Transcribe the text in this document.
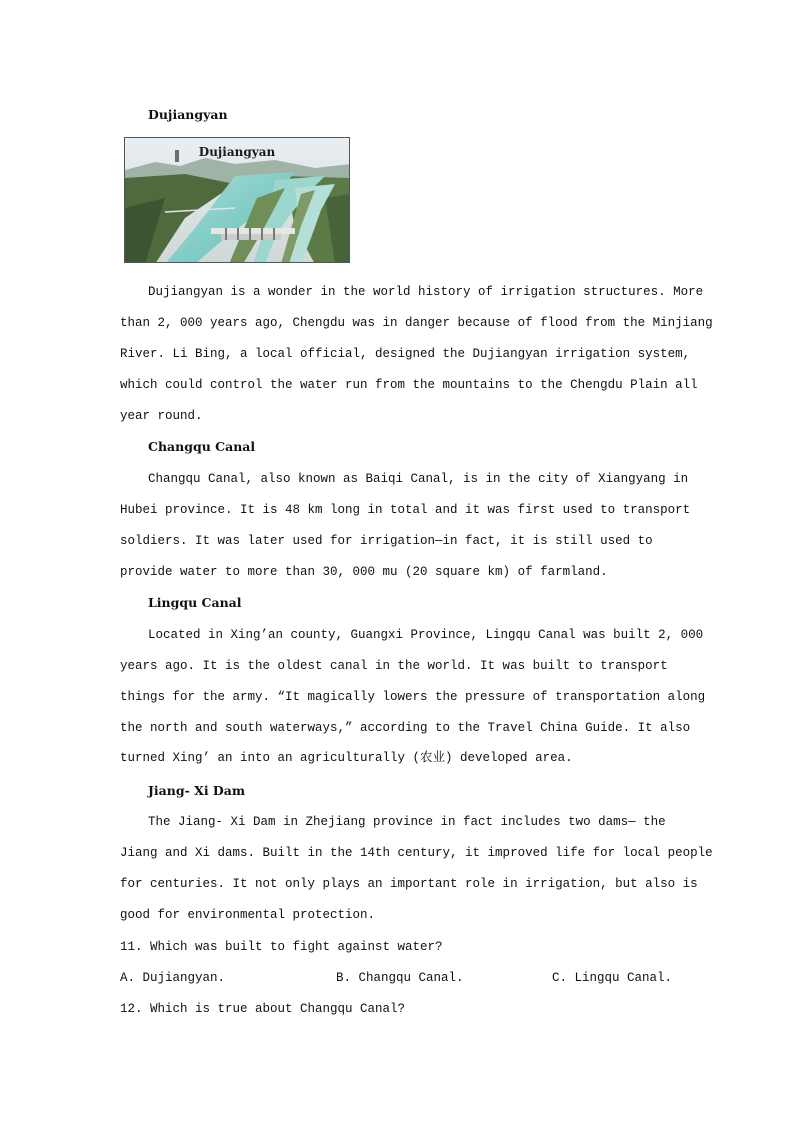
Dujiangyan
Dujiangyan
Dujiangyan is a wonder in the world history of irrigation structures. More
than 2, 000 years ago, Chengdu was in danger because of flood from the Minjiang
River. Li Bing, a local official, designed the Dujiangyan irrigation system,
which could control the water run from the mountains to the Chengdu Plain all
year round.
Changqu Canal
Changqu Canal, also known as Baiqi Canal, is in the city of Xiangyang in
Hubei province. It is 48 km long in total and it was first used to transport
soldiers. It was later used for irrigation—in fact, it is still used to
provide water to more than 30, 000 mu (20 square km) of farmland.
Lingqu Canal
Located in Xing’an county, Guangxi Province, Lingqu Canal was built 2, 000
years ago. It is the oldest canal in the world. It was built to transport
things for the army. “It magically lowers the pressure of transportation along
the north and south waterways,” according to the Travel China Guide. It also
turned Xing’ an into an agriculturally (农业) developed area.
Jiang- Xi Dam
The Jiang- Xi Dam in Zhejiang province in fact includes two dams— the
Jiang and Xi dams. Built in the 14th century, it improved life for local people
for centuries. It not only plays an important role in irrigation, but also is
good for environmental protection.
11. Which was built to fight against water?
A. Dujiangyan.	B. Changqu Canal.	C. Lingqu Canal.
12. Which is true about Changqu Canal?
